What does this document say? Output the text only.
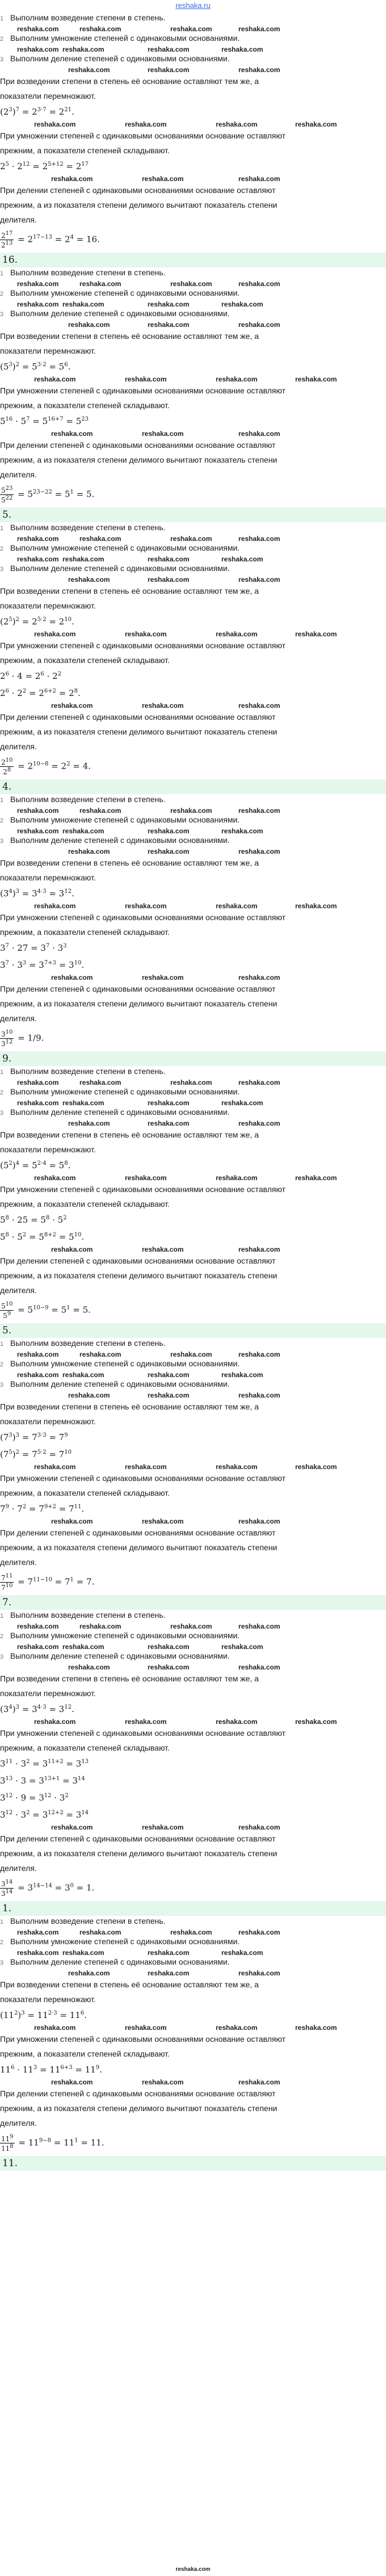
reshaka.ru
1 Выполним возведение степени в степень.
reshaka.com	reshaka.com	reshaka.com	reshaka.com
2 Выполним умножение степеней с одинаковыми основаниями.
reshaka.com reshaka.com	reshaka.com	reshaka.com
3 Выполним деление степеней с одинаковыми основаниями.
reshaka.com	reshaka.com	reshaka.com
При возведении степени в степень её основание оставляют тем же, а
показатели перемножают.
$(2^3)^7 = 2^{3\cdot 7} = 2^{21}$.
reshaka.com	reshaka.com	reshaka.com	reshaka.com
При умножении степеней с одинаковыми основаниями основание оставляют
прежним, а показатели степеней складывают.
$2^5 \cdot 2^{12} = 2^{5+12} = 2^{17}$
reshaka.com	reshaka.com	reshaka.com
При делении степеней с одинаковыми основаниями основание оставляют
прежним, а из показателя степени делимого вычитают показатель степени
делителя.
$\frac{2^{17}}{2^{13}} = 2^{17-13} = 2^4 = 16$.
16.
1 Выполним возведение степени в степень.
reshaka.com	reshaka.com	reshaka.com	reshaka.com
2 Выполним умножение степеней с одинаковыми основаниями.
reshaka.com reshaka.com	reshaka.com	reshaka.com
3 Выполним деление степеней с одинаковыми основаниями.
reshaka.com	reshaka.com	reshaka.com
При возведении степени в степень её основание оставляют тем же, а
показатели перемножают.
$(5^3)^2 = 5^{3\cdot 2} = 5^6$.
reshaka.com	reshaka.com	reshaka.com	reshaka.com
При умножении степеней с одинаковыми основаниями основание оставляют
прежним, а показатели степеней складывают.
$5^{16} \cdot 5^7 = 5^{16+7} = 5^{23}$
reshaka.com	reshaka.com	reshaka.com
При делении степеней с одинаковыми основаниями основание оставляют
прежним, а из показателя степени делимого вычитают показатель степени
делителя.
$\frac{5^{23}}{5^{22}} = 5^{23-22} = 5^1 = 5$.
5.
1 Выполним возведение степени в степень.
reshaka.com	reshaka.com	reshaka.com	reshaka.com
2 Выполним умножение степеней с одинаковыми основаниями.
reshaka.com reshaka.com	reshaka.com	reshaka.com
3 Выполним деление степеней с одинаковыми основаниями.
reshaka.com	reshaka.com	reshaka.com
При возведении степени в степень её основание оставляют тем же, а
показатели перемножают.
$(2^5)^2 = 2^{5\cdot 2} = 2^{10}$.
reshaka.com	reshaka.com	reshaka.com	reshaka.com
При умножении степеней с одинаковыми основаниями основание оставляют
прежним, а показатели степеней складывают.
$2^6 \cdot 4 = 2^6 \cdot 2^2$
$2^6 \cdot 2^2 = 2^{6+2} = 2^8$.
reshaka.com	reshaka.com	reshaka.com
При делении степеней с одинаковыми основаниями основание оставляют
прежним, а из показателя степени делимого вычитают показатель степени
делителя.
$\frac{2^{10}}{2^8} = 2^{10-8} = 2^2 = 4$.
4.
1 Выполним возведение степени в степень.
reshaka.com	reshaka.com	reshaka.com	reshaka.com
2 Выполним умножение степеней с одинаковыми основаниями.
reshaka.com reshaka.com	reshaka.com	reshaka.com
3 Выполним деление степеней с одинаковыми основаниями.
reshaka.com	reshaka.com	reshaka.com
При возведении степени в степень её основание оставляют тем же, а
показатели перемножают.
$(3^4)^3 = 3^{4\cdot 3} = 3^{12}$.
reshaka.com	reshaka.com	reshaka.com	reshaka.com
При умножении степеней с одинаковыми основаниями основание оставляют
прежним, а показатели степеней складывают.
$3^7 \cdot 27 = 3^7 \cdot 3^3$
$3^7 \cdot 3^3 = 3^{7+3} = 3^{10}$.
reshaka.com	reshaka.com	reshaka.com
При делении степеней с одинаковыми основаниями основание оставляют
прежним, а из показателя степени делимого вычитают показатель степени
делителя.
$\frac{3^{10}}{3^{12}} = 1/9$.
9.
1 Выполним возведение степени в степень.
reshaka.com	reshaka.com	reshaka.com	reshaka.com
2 Выполним умножение степеней с одинаковыми основаниями.
reshaka.com reshaka.com	reshaka.com	reshaka.com
3 Выполним деление степеней с одинаковыми основаниями.
reshaka.com	reshaka.com	reshaka.com
При возведении степени в степень её основание оставляют тем же, а
показатели перемножают.
$(5^2)^4 = 5^{2\cdot 4} = 5^8$.
reshaka.com	reshaka.com	reshaka.com	reshaka.com
При умножении степеней с одинаковыми основаниями основание оставляют
прежним, а показатели степеней складывают.
$5^8 \cdot 25 = 5^8 \cdot 5^2$
$5^8 \cdot 5^2 = 5^{8+2} = 5^{10}$.
reshaka.com	reshaka.com	reshaka.com
При делении степеней с одинаковыми основаниями основание оставляют
прежним, а из показателя степени делимого вычитают показатель степени
делителя.
$\frac{5^{10}}{5^9} = 5^{10-9} = 5^1 = 5$.
5.
1 Выполним возведение степени в степень.
reshaka.com	reshaka.com	reshaka.com	reshaka.com
2 Выполним умножение степеней с одинаковыми основаниями.
reshaka.com reshaka.com	reshaka.com	reshaka.com
3 Выполним деление степеней с одинаковыми основаниями.
reshaka.com	reshaka.com	reshaka.com
При возведении степени в степень её основание оставляют тем же, а
показатели перемножают.
$(7^3)^3 = 7^{3\cdot 3} = 7^9$
$(7^5)^2 = 7^{5\cdot 2} = 7^{10}$
reshaka.com	reshaka.com	reshaka.com	reshaka.com
При умножении степеней с одинаковыми основаниями основание оставляют
прежним, а показатели степеней складывают.
$7^9 \cdot 7^2 = 7^{9+2} = 7^{11}$.
reshaka.com	reshaka.com	reshaka.com
При делении степеней с одинаковыми основаниями основание оставляют
прежним, а из показателя степени делимого вычитают показатель степени
делителя.
$\frac{7^{11}}{7^{10}} = 7^{11-10} = 7^1 = 7$.
7.
1 Выполним возведение степени в степень.
reshaka.com	reshaka.com	reshaka.com	reshaka.com
2 Выполним умножение степеней с одинаковыми основаниями.
reshaka.com reshaka.com	reshaka.com	reshaka.com
3 Выполним деление степеней с одинаковыми основаниями.
reshaka.com	reshaka.com	reshaka.com
При возведении степени в степень её основание оставляют тем же, а
показатели перемножают.
$(3^4)^3 = 3^{4\cdot 3} = 3^{12}$.
reshaka.com	reshaka.com	reshaka.com	reshaka.com
При умножении степеней с одинаковыми основаниями основание оставляют
прежним, а показатели степеней складывают.
$3^{11} \cdot 3^2 = 3^{11+2} = 3^{13}$
$3^{13} \cdot 3 = 3^{13+1} = 3^{14}$
$3^{12} \cdot 9 = 3^{12} \cdot 3^2$
$3^{12} \cdot 3^2 = 3^{12+2} = 3^{14}$
reshaka.com	reshaka.com	reshaka.com
При делении степеней с одинаковыми основаниями основание оставляют
прежним, а из показателя степени делимого вычитают показатель степени
делителя.
$\frac{3^{14}}{3^{14}} = 3^{14-14} = 3^0 = 1$.
1.
1 Выполним возведение степени в степень.
reshaka.com	reshaka.com	reshaka.com	reshaka.com
2 Выполним умножение степеней с одинаковыми основаниями.
reshaka.com reshaka.com	reshaka.com	reshaka.com
3 Выполним деление степеней с одинаковыми основаниями.
reshaka.com	reshaka.com	reshaka.com
При возведении степени в степень её основание оставляют тем же, а
показатели перемножают.
$(11^2)^3 = 11^{2\cdot 3} = 11^6$.
reshaka.com	reshaka.com	reshaka.com	reshaka.com
При умножении степеней с одинаковыми основаниями основание оставляют
прежним, а показатели степеней складывают.
$11^6 \cdot 11^3 = 11^{6+3} = 11^9$.
reshaka.com	reshaka.com	reshaka.com
При делении степеней с одинаковыми основаниями основание оставляют
прежним, а из показателя степени делимого вычитают показатель степени
делителя.
$\frac{11^9}{11^8} = 11^{9-8} = 11^1 = 11$.
11.
reshaka.com
